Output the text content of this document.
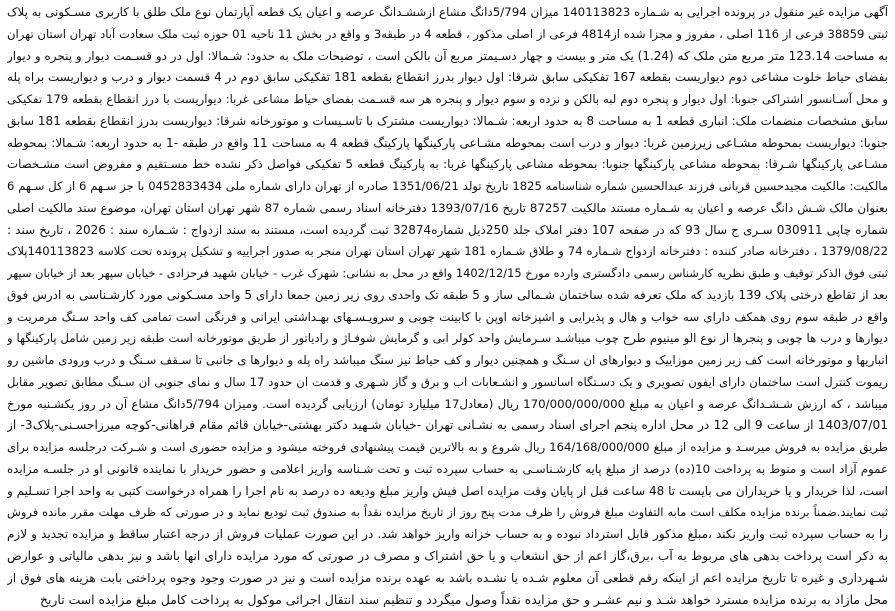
آگهی مزایده غیر منقول در پرونده اجرایی به شـماره 140113823 میزان 5/794دانگ مشاع ازششـدانگ عرصه و اعیان یک قطعه آپارتمان نوع ملک طلق با کاربری مسـکونی به پلاک
ثبتی 38859 فرعی از 116 اصلی ، مفروز و مجزا شده از4814 فرعی از اصلی مذکور ، قطعه 4 در طبقه3 و واقع در بخش 11 ناحیه 01 حوزه ثبت ملک سعادت آباد تهران استان تهران
به مساحت 123.14 متر مربع متن ملک که (1.24) یک متر و بیست و چهار دسـیمتر مربع آن بالکن است ، توضیحات ملک به حدود: شـمالا: اول در دو قسـمت دیوار و پنجره و دیوار
بفضای حیاط خلوت مشاعی دوم دیواریست بقطعه 167 تفکیکی سابق شرقا: اول دیوار بدرز انقطاع بقطعه 181 تفکیکی سابق دوم در 4 قسمت دیوار و درب و دیواریست براه پله
و محل آسـانسور اشتراکی جنوبا: اول دیوار و پنجره دوم لبه بالکن و نرده و سوم دیوار و پنجره هر سه قسـمت بفضای حیاط مشاعی غربا: دیواریست با درز انقطاع بقطعه 179 تفکیکی
سابق مشخصات منضمات ملک: انباری قطعه 1 به مساحت 8 به حدود اربعه: شـمالا: دیواریست مشترک با تاسـیسات و موتورخانه شرقا: دیواریست بدرز انقطاع بقطعه 181 سابق
جنوبا: دیواریست بمحوطه مشـاعی زیرزمین غربا: دیوار و درب است بمحوطه مشـاعی پارکینگها پارکینگ قطعه 4 به مساحت 11 واقع در طبقه -1 به حدود اربعه: شـمالا: بمحوطه
مشـاعی پارکینگها شـرقا: بمحوطه مشاعی پارکینگها جنوبا: بمحوطه مشاعی پارکینگها غربا: به پارکینگ قطعه 5 تفکیکی فواصل ذکر نشده خط مسـتقیم و مفروض است مشـخصات
مالکیت: مالکیت مجیدحسین قربانی فرزند عبدالحسین شماره شناسنامه 1825 تاریخ تولد 1351/06/21 صادره از تهران دارای شماره ملی 0452833434 با جز سـهم 6 از کل سـهم 6
بعنوان مالک شـش دانگ عرصه و اعیان به شـماره مستند مالکیت 87257 تاریخ 1393/07/16 دفترخانه اسناد رسمی شماره 87 شهر تهران استان تهران، موضوع سند مالکیت اصلی
شماره چاپی 030911 سـری ج سال 93 که در صفحه 107 دفتر املاک جلد 250ذیل شماره32874 ثبت گردیده است، مستند به سند ازدواج : شـماره سند : 2026 ، تاریخ سند :
1379/08/22 ، دفترخانه صادر کننده : دفترخانه ازدواج شـماره 74 و طلاق شـماره 181 شهر تهران استان تهران منجر به صدور اجراییه و تشکیل پرونده تحت کلاسه 140113823پلاک
ثبتی فوق الذکر توقیف و طبق نظریه کارشناس رسمی دادگستری وارده مورخ 1402/12/15 واقع در محل به نشانی: شهرک غرب - خیابان شهید فرحزادی - خیابان سپهر بعد از خیابان سپهر
بعد از تقاطع درختی پلاک 139 بازدید که ملک تعرفه شده ساختمان شـمالی ساز و 5 طبقه تک واحدی روی زیر زمین جمعا دارای 5 واحد مسـکونی مورد کارشـناسی به ادرس فوق
واقع در طبقه سوم روی همکف دارای سه خواب و هال و پذیرایی و اشپزخانه اوپن با کابینت چوبی و سرویـسـهای بهـداشتی ایرانی و فرنگی است تمامی کف واحد سـنگ مرمریت و
دیوارها و درب ها چوبی و پنجرها از نوع الو مینیوم طرح چوب میباشـد سـرمایش واحد کولر ابی و گرمایش شوفـاژ و رادیاتور از طریق موتورخانه است طبقه زیر زمین شامل پارکینگها و
انباریها و موتورخانه است کف زیر زمین موزاییک و دیوارهای ان سـنگ و همچنین دیوار و کف حیاط نیز سنگ میباشد راه پله و دیوارها ی جانبی تا سـقف سـنگ و درب ورودی ماشین رو
ریموت کنترل است ساختمان دارای ایفون تصویری و یک دسـتگاه اسانسور و انشـعابات اب و برق و گاز شـهری و قدمت ان حدود 17 سال و نمای جنوبی ان سـنگ مطابق تصویر مقابل
میباشد ، که ارزش شـشـدانگ عرصه و اعیان به مبلغ 170/000/000/000 ریال (معادل17 میلیارد تومان) ارزیابی گردیده است. ومیزان 5/794دانگ مشاع آن در روز یکشـنبه مورخ
1403/07/01 از ساعت 9 الی 12 در محل اداره پنجم اجرای اسناد رسمی به نشـانی تهران -خیابان شـهید دکتر بهشتی-خیابان قائم مقام فراهانی-کوچه میرزاحسـنی-پلاک3- از
طریق مزایده به فروش میرسـد و مزایده از مبلغ 164/168/000/000 ریال شروع و به بالاترین قیمت پیشنهادی فروخته میشود و مزایده حضوری است و شـرکت درجلسه مزایده برای
عموم آزاد است و منوط به پرداخت 10(ده) درصد از مبلغ پایه کارشـناسـی به حساب سپرده ثبت و تحت شـناسه واریز اعلامی و حضور خریدار با نماینده قانونی او در جلسـه مزایده
است، لذا خریدار و یا خریداران می بایست تا 48 ساعت قبل از پایان وقت مزایده اصل فیش واریز مبلغ ودیعه ده درصد به نام اجرا را همراه درخواست کتبی به واحد اجرا تسـلیم و
ثبت نمایند.ضمناً برنده مزایده مکلف است مابه التفاوت مبلغ فروش را ظرف مدت پنج روز از تاریخ مزایده نقداً به صندوق ثبت تودیع نماید و در صورتی که ظرف مهلت مقرر مانده فروش
را به حساب سپرده ثبت واریز نکند ،مبلغ مذکور قابل استرداد نبوده و به حساب خزانه واریز خواهد شد. در این صورت عملیات فروش از درجه اعتبار ساقط و مزایده تجدید و لازم
به ذکر است پرداخت بدهی های مربوط به آب ،برق،گاز اعم از حق انشعاب و یا حق اشتراک و مصرف در صورتی که مورد مزایده دارای انها باشد و نیز بدهی مالیاتی و عوارض
شـهرداری و غیره تا تاریخ مزایده اعم از اینکه رقم قطعی آن معلوم شـده یا نشـده باشد به عهده برنده مزایده است و نیز در صورت وجود وجوه پرداختی بابت هزینه های فوق از
محل مازاد به برنده مزایده مسترد خواهد شـد و نیم عشـر و حق مزایده نقداً وصول میگردد و تنظیم سند انتقال اجرائی موکول به پرداخت کامل مبلغ مزایده است تاریخ
